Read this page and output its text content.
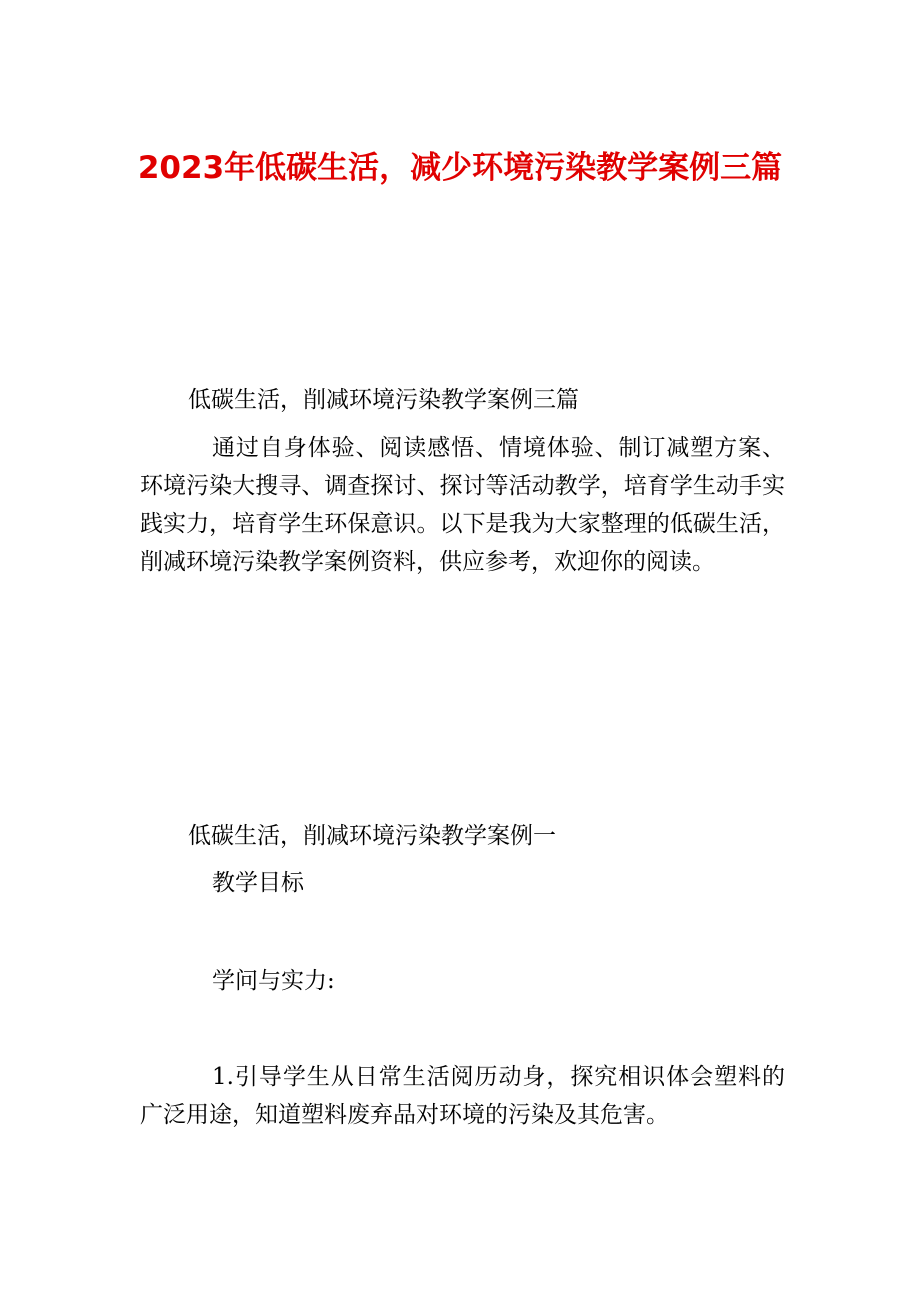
2023年低碳生活，减少环境污染教学案例三篇

低碳生活，削减环境污染教学案例三篇

通过自身体验、阅读感悟、情境体验、制订减塑方案、环境污染大搜寻、调查探讨、探讨等活动教学，培育学生动手实践实力，培育学生环保意识。以下是我为大家整理的低碳生活，削减环境污染教学案例资料，供应参考，欢迎你的阅读。

低碳生活，削减环境污染教学案例一

教学目标

学问与实力:

1.引导学生从日常生活阅历动身，探究相识体会塑料的广泛用途，知道塑料废弃品对环境的污染及其危害。
